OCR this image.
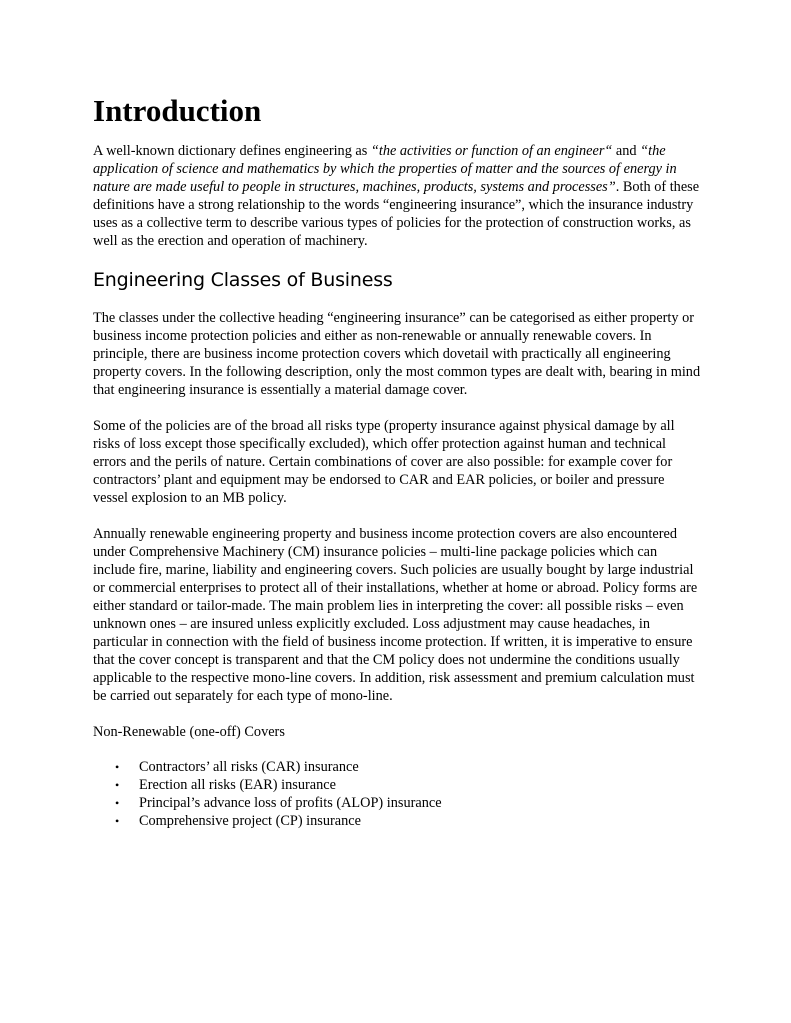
Introduction

A well-known dictionary defines engineering as “the activities or function of an engineer“ and “the application of science and mathematics by which the properties of matter and the sources of energy in nature are made useful to people in structures, machines, products, systems and processes”. Both of these definitions have a strong relationship to the words “engineering insurance”, which the insurance industry uses as a collective term to describe various types of policies for the protection of construction works, as well as the erection and operation of machinery.

Engineering Classes of Business

The classes under the collective heading “engineering insurance” can be categorised as either property or business income protection policies and either as non-renewable or annually renewable covers. In principle, there are business income protection covers which dovetail with practically all engineering property covers. In the following description, only the most common types are dealt with, bearing in mind that engineering insurance is essentially a material damage cover.

Some of the policies are of the broad all risks type (property insurance against physical damage by all risks of loss except those specifically excluded), which offer protection against human and technical errors and the perils of nature. Certain combinations of cover are also possible: for example cover for contractors’ plant and equipment may be endorsed to CAR and EAR policies, or boiler and pressure vessel explosion to an MB policy.

Annually renewable engineering property and business income protection covers are also encountered under Comprehensive Machinery (CM) insurance policies – multi-line package policies which can include fire, marine, liability and engineering covers. Such policies are usually bought by large industrial or commercial enterprises to protect all of their installations, whether at home or abroad. Policy forms are either standard or tailor-made. The main problem lies in interpreting the cover: all possible risks – even unknown ones – are insured unless explicitly excluded. Loss adjustment may cause headaches, in particular in connection with the field of business income protection. If written, it is imperative to ensure that the cover concept is transparent and that the CM policy does not undermine the conditions usually applicable to the respective mono-line covers. In addition, risk assessment and premium calculation must be carried out separately for each type of mono-line.

Non-Renewable (one-off) Covers

• Contractors’ all risks (CAR) insurance
• Erection all risks (EAR) insurance
• Principal’s advance loss of profits (ALOP) insurance
• Comprehensive project (CP) insurance
